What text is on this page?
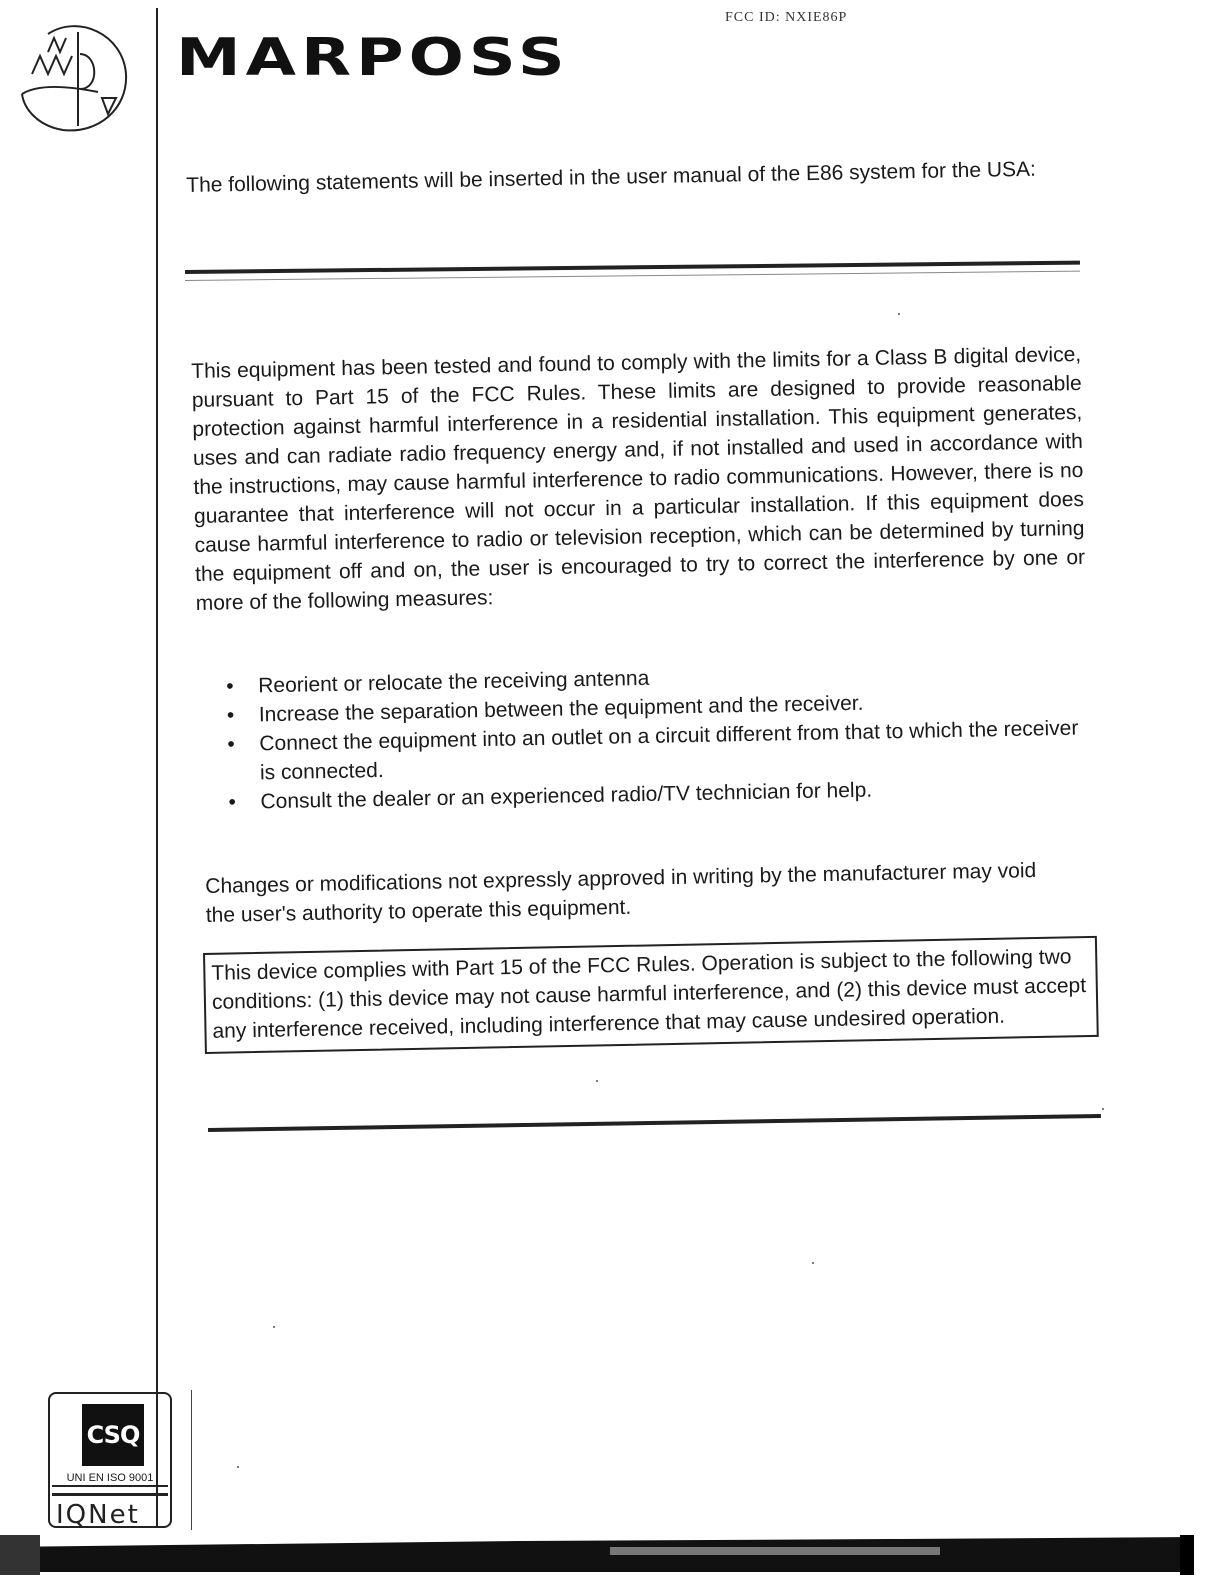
FCC ID: NXIE86P
MARPOSS
The following statements will be inserted in the user manual of the E86 system for the USA:
This equipment has been tested and found to comply with the limits for a Class B digital device, pursuant to Part 15 of the FCC Rules. These limits are designed to provide reasonable protection against harmful interference in a residential installation. This equipment generates, uses and can radiate radio frequency energy and, if not installed and used in accordance with the instructions, may cause harmful interference to radio communications. However, there is no guarantee that interference will not occur in a particular installation. If this equipment does cause harmful interference to radio or television reception, which can be determined by turning the equipment off and on, the user is encouraged to try to correct the interference by one or more of the following measures:
• Reorient or relocate the receiving antenna
• Increase the separation between the equipment and the receiver.
• Connect the equipment into an outlet on a circuit different from that to which the receiver is connected.
• Consult the dealer or an experienced radio/TV technician for help.
Changes or modifications not expressly approved in writing by the manufacturer may void the user's authority to operate this equipment.
This device complies with Part 15 of the FCC Rules. Operation is subject to the following two conditions: (1) this device may not cause harmful interference, and (2) this device must accept any interference received, including interference that may cause undesired operation.
CSQ
UNI EN ISO 9001
IQNet
